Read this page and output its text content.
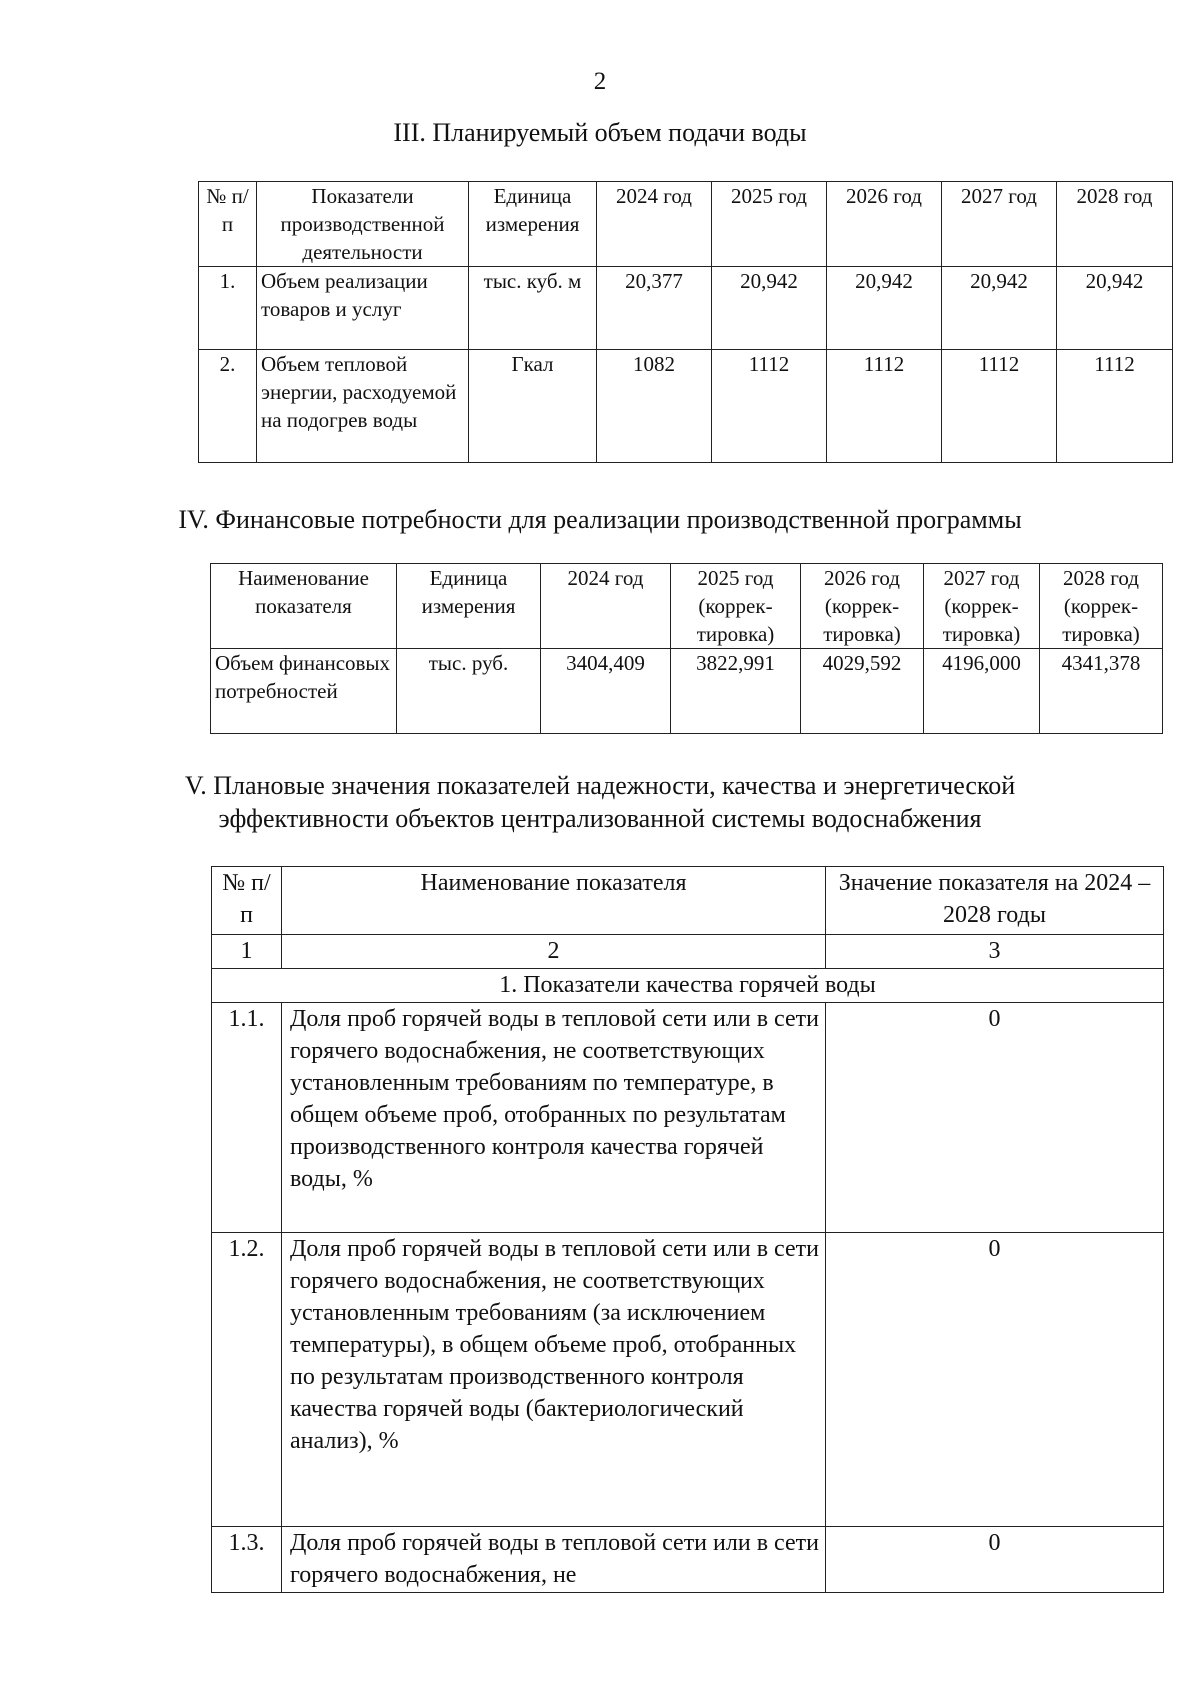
2
III. Планируемый объем подачи воды
№ п/п	Показатели производственной деятельности	Единица измерения	2024 год	2025 год	2026 год	2027 год	2028 год
1.	Объем реализации товаров и услуг	тыс. куб. м	20,377	20,942	20,942	20,942	20,942
2.	Объем тепловой энергии, расходуемой на подогрев воды	Гкал	1082	1112	1112	1112	1112
IV. Финансовые потребности для реализации производственной программы
Наименование показателя	Единица измерения	2024 год	2025 год (коррек-тировка)	2026 год (коррек-тировка)	2027 год (коррек-тировка)	2028 год (коррек-тировка)
Объем финансовых потребностей	тыс. руб.	3404,409	3822,991	4029,592	4196,000	4341,378
V. Плановые значения показателей надежности, качества и энергетической
эффективности объектов централизованной системы водоснабжения
№ п/п	Наименование показателя	Значение показателя на 2024 – 2028 годы
1	2	3
1. Показатели качества горячей воды		
1.1.	Доля проб горячей воды в тепловой сети или в сети горячего водоснабжения, не соответствующих установленным требованиям по температуре, в общем объеме проб, отобранных по результатам производственного контроля качества горячей воды, %	0
1.2.	Доля проб горячей воды в тепловой сети или в сети горячего водоснабжения, не соответствующих установленным требованиям (за исключением температуры), в общем объеме проб, отобранных по результатам производственного контроля качества горячей воды (бактериологический анализ), %	0
1.3.	Доля проб горячей воды в тепловой сети или в сети горячего водоснабжения, не	0
